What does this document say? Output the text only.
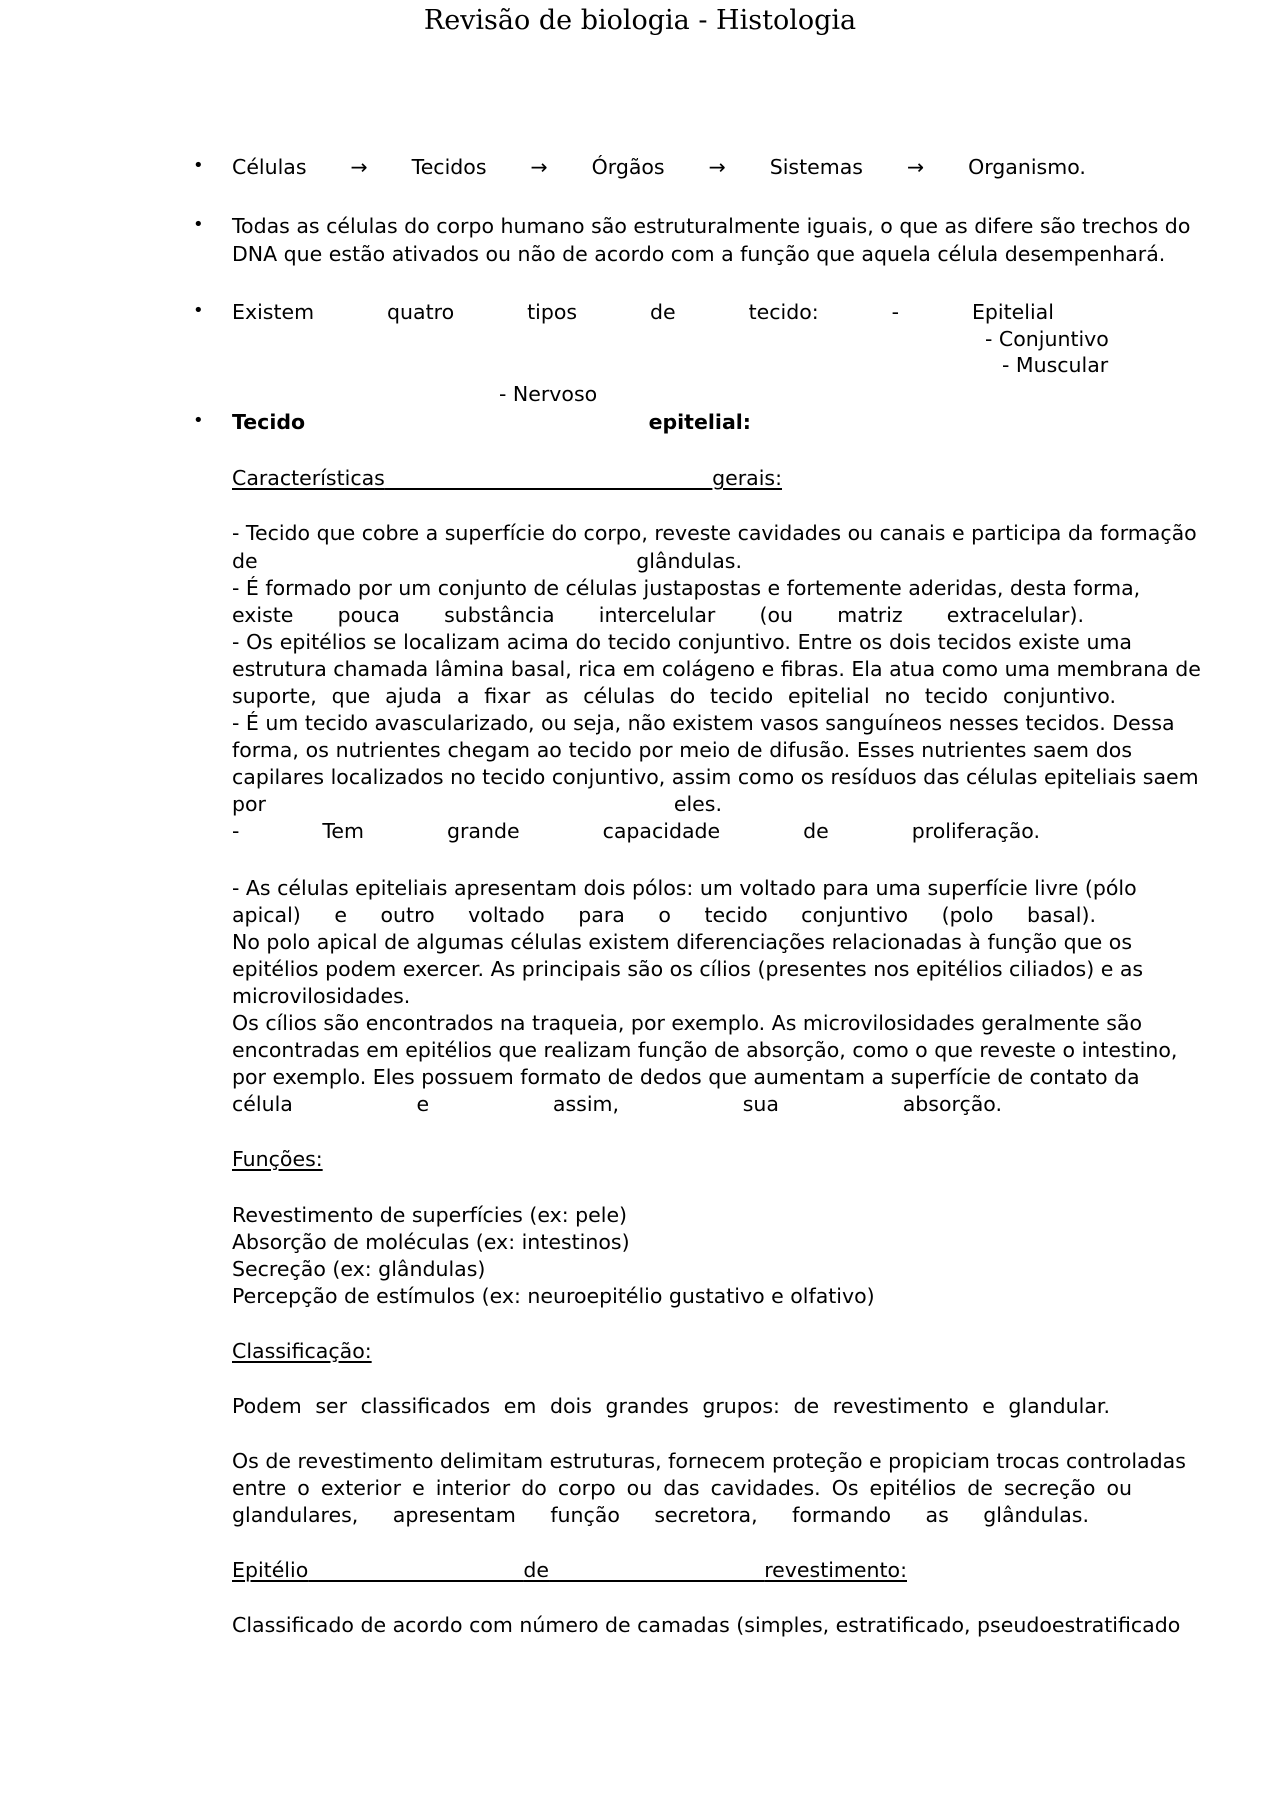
Revisão de biologia - Histologia
• Células → Tecidos → Órgãos → Sistemas → Organismo.
• Todas as células do corpo humano são estruturalmente iguais, o que as difere são trechos do
DNA que estão ativados ou não de acordo com a função que aquela célula desempenhará.
• Existem	quatro	tipos	de	tecido:	-	Epitelial
- Conjuntivo
- Muscular
- Nervoso
• Tecido	epitelial:
Características	gerais:
- Tecido que cobre a superfície do corpo, reveste cavidades ou canais e participa da formação
de glândulas.
- É formado por um conjunto de células justapostas e fortemente aderidas, desta forma,
existe pouca substância intercelular (ou matriz extracelular).
- Os epitélios se localizam acima do tecido conjuntivo. Entre os dois tecidos existe uma
estrutura chamada lâmina basal, rica em colágeno e fibras. Ela atua como uma membrana de
suporte, que ajuda a fixar as células do tecido epitelial no tecido conjuntivo.
- É um tecido avascularizado, ou seja, não existem vasos sanguíneos nesses tecidos. Dessa
forma, os nutrientes chegam ao tecido por meio de difusão. Esses nutrientes saem dos
capilares localizados no tecido conjuntivo, assim como os resíduos das células epiteliais saem
por eles.
- Tem grande capacidade de proliferação.
- As células epiteliais apresentam dois pólos: um voltado para uma superfície livre (pólo
apical) e outro voltado para o tecido conjuntivo (polo basal).
No polo apical de algumas células existem diferenciações relacionadas à função que os
epitélios podem exercer. As principais são os cílios (presentes nos epitélios ciliados) e as
microvilosidades.
Os cílios são encontrados na traqueia, por exemplo. As microvilosidades geralmente são
encontradas em epitélios que realizam função de absorção, como o que reveste o intestino,
por exemplo. Eles possuem formato de dedos que aumentam a superfície de contato da
célula e assim, sua absorção.
Funções:
Revestimento de superfícies (ex: pele)
Absorção de moléculas (ex: intestinos)
Secreção (ex: glândulas)
Percepção de estímulos (ex: neuroepitélio gustativo e olfativo)
Classificação:
Podem ser classificados em dois grandes grupos: de revestimento e glandular.
Os de revestimento delimitam estruturas, fornecem proteção e propiciam trocas controladas
entre o exterior e interior do corpo ou das cavidades. Os epitélios de secreção ou
glandulares, apresentam função secretora, formando as glândulas.
Epitélio	de	revestimento:
Classificado de acordo com número de camadas (simples, estratificado, pseudoestratificado
